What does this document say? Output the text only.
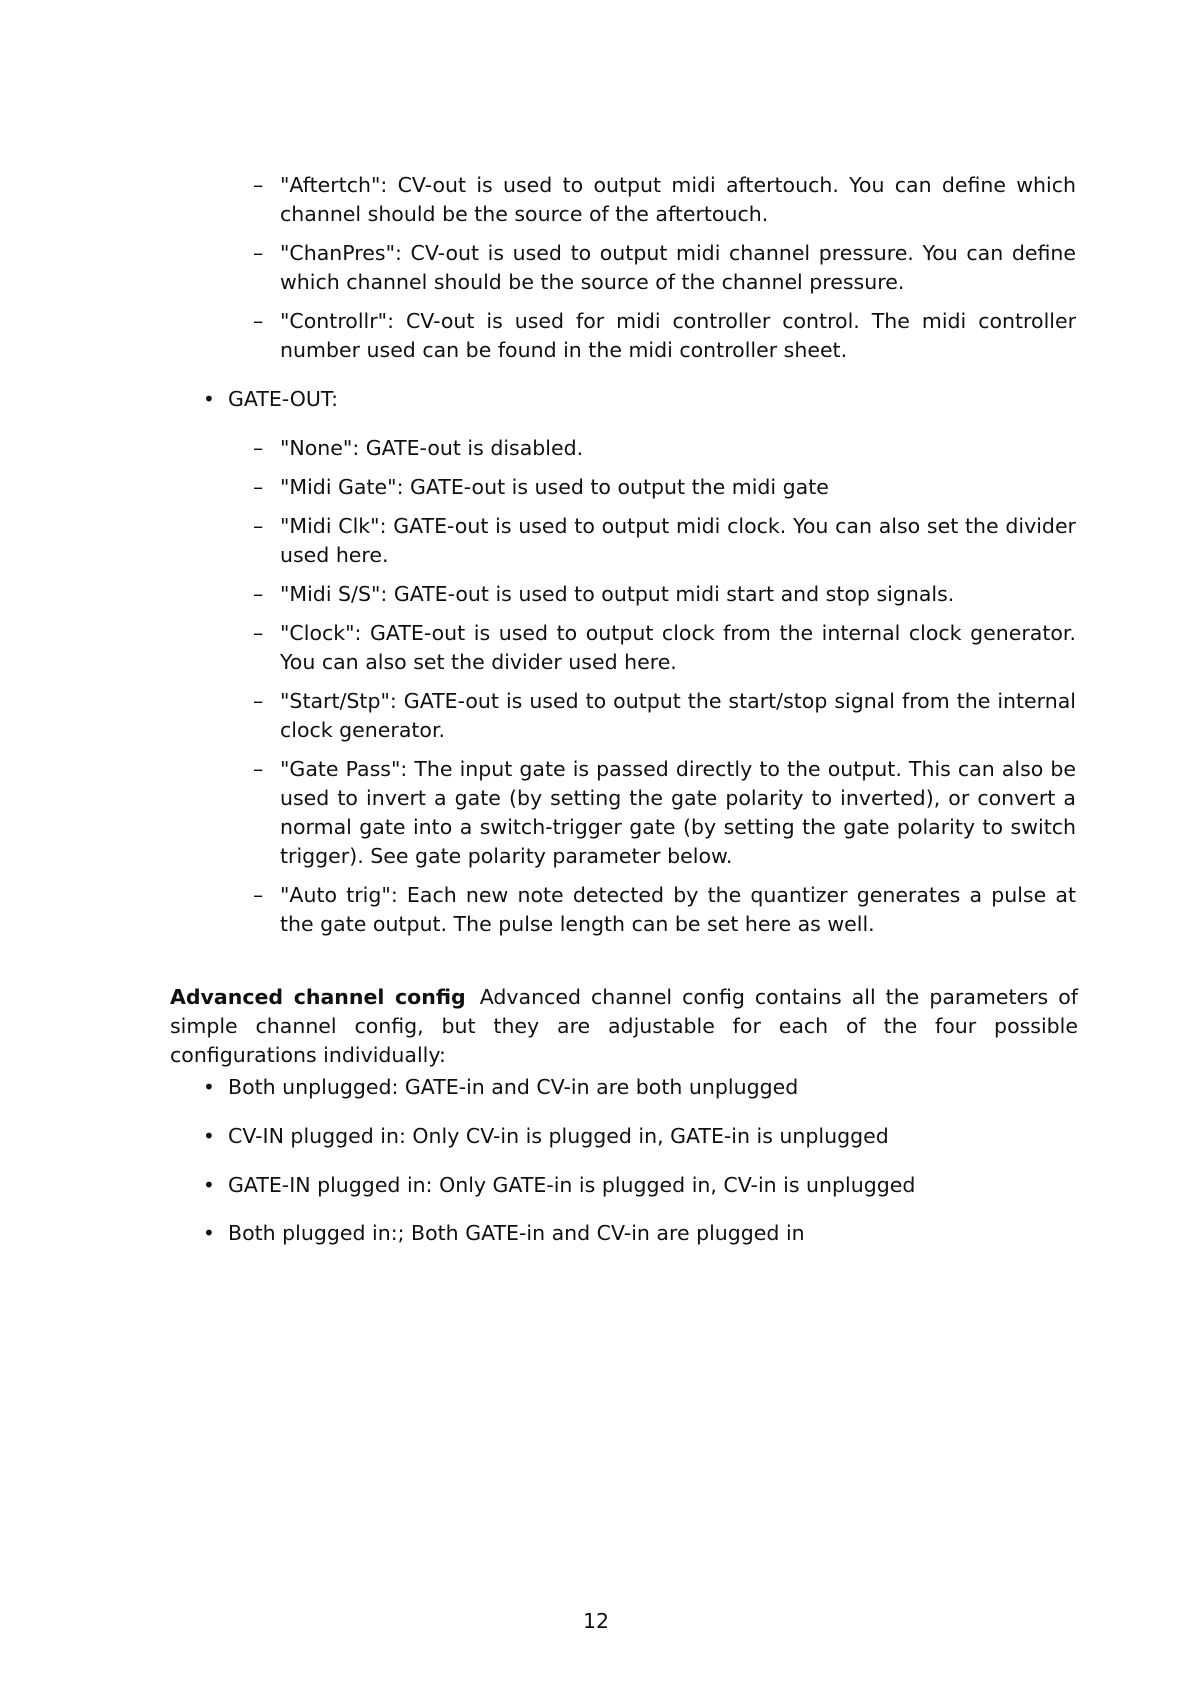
– "Aftertch": CV-out is used to output midi aftertouch. You can define which channel should be the source of the aftertouch.
– "ChanPres": CV-out is used to output midi channel pressure. You can define which channel should be the source of the channel pressure.
– "Controllr": CV-out is used for midi controller control. The midi controller number used can be found in the midi controller sheet.
• GATE-OUT:
– "None": GATE-out is disabled.
– "Midi Gate": GATE-out is used to output the midi gate
– "Midi Clk": GATE-out is used to output midi clock. You can also set the divider used here.
– "Midi S/S": GATE-out is used to output midi start and stop signals.
– "Clock": GATE-out is used to output clock from the internal clock generator. You can also set the divider used here.
– "Start/Stp": GATE-out is used to output the start/stop signal from the internal clock generator.
– "Gate Pass": The input gate is passed directly to the output. This can also be used to invert a gate (by setting the gate polarity to inverted), or convert a normal gate into a switch-trigger gate (by setting the gate polarity to switch trigger). See gate polarity parameter below.
– "Auto trig": Each new note detected by the quantizer generates a pulse at the gate output. The pulse length can be set here as well.
Advanced channel config Advanced channel config contains all the parameters of simple channel config, but they are adjustable for each of the four possible configurations individually:
• Both unplugged: GATE-in and CV-in are both unplugged
• CV-IN plugged in: Only CV-in is plugged in, GATE-in is unplugged
• GATE-IN plugged in: Only GATE-in is plugged in, CV-in is unplugged
• Both plugged in:; Both GATE-in and CV-in are plugged in
12
